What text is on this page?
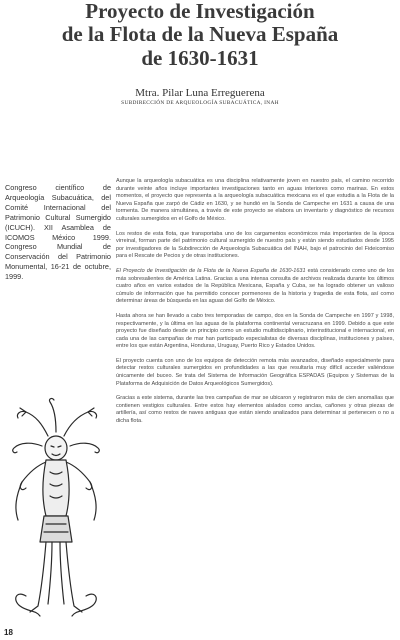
Proyecto de Investigación
de la Flota de la Nueva España
de 1630-1631
Mtra. Pilar Luna Erreguerena
SUBDIRECCIÓN DE ARQUEOLOGÍA SUBACUÁTICA, INAH
Congreso científico de Arqueología Subacuática, del Comité Internacional del Patrimonio Cultural Sumergido (ICUCH). XII Asamblea de ICOMOS México 1999. Congreso Mundial de Conservación del Patrimonio Monumental, 16-21 de octubre, 1999.

Aunque la arqueología subacuática es una disciplina relativamente joven en nuestro país, el camino recorrido durante veinte años incluye importantes investigaciones tanto en aguas interiores como marinas. En estos momentos, el proyecto que representa a la arqueología subacuática mexicana es el que estudia a la Flota de la Nueva España que zarpó de Cádiz en 1630, y se hundió en la Sonda de Campeche en 1631 a causa de una tormenta. De manera simultánea, a través de este proyecto se elabora un inventario y diagnóstico de recursos culturales sumergidos en el Golfo de México.

Los restos de esta flota, que transportaba uno de los cargamentos económicos más importantes de la época virreinal, forman parte del patrimonio cultural sumergido de nuestro país y están siendo estudiados desde 1995 por investigadores de la Subdirección de Arqueología Subacuática del INAH, bajo el patrocinio del Fideicomiso para el Rescate de Pecios y de otras instituciones.

El Proyecto de Investigación de la Flota de la Nueva España de 1630-1631 está considerado como uno de los más sobresalientes de América Latina. Gracias a una intensa consulta de archivos realizada durante los últimos cuatro años en varios estados de la República Mexicana, España y Cuba, se ha logrado obtener un valioso cúmulo de información que ha permitido conocer pormenores de la historia y tragedia de esta flota, así como determinar áreas de búsqueda en las aguas del Golfo de México.

Hasta ahora se han llevado a cabo tres temporadas de campo, dos en la Sonda de Campeche en 1997 y 1998, respectivamente, y la última en las aguas de la plataforma continental veracruzana en 1999. Debido a que este proyecto fue diseñado desde un principio como un estudio multidisciplinario, interinstitucional e internacional, en cada una de las campañas de mar han participado especialistas de diversas disciplinas, instituciones y países, entre los que están Argentina, Honduras, Uruguay, Puerto Rico y Estados Unidos.

El proyecto cuenta con uno de los equipos de detección remota más avanzados, diseñado especialmente para detectar restos culturales sumergidos en profundidades a las que resultaría muy difícil acceder valiéndose únicamente del buceo. Se trata del Sistema de Información Geográfica ESPADAS (Equipos y Sistemas de la Plataforma de Adquisición de Datos Arqueológicos Sumergidos).

Gracias a este sistema, durante las tres campañas de mar se ubicaron y registraron más de cien anomalías que contienen vestigios culturales. Entre estos hay elementos aislados como anclas, cañones y otras piezas de artillería, así como restos de naves antiguas que están siendo analizados para determinar si pertenecen o no a dicha flota.

18
